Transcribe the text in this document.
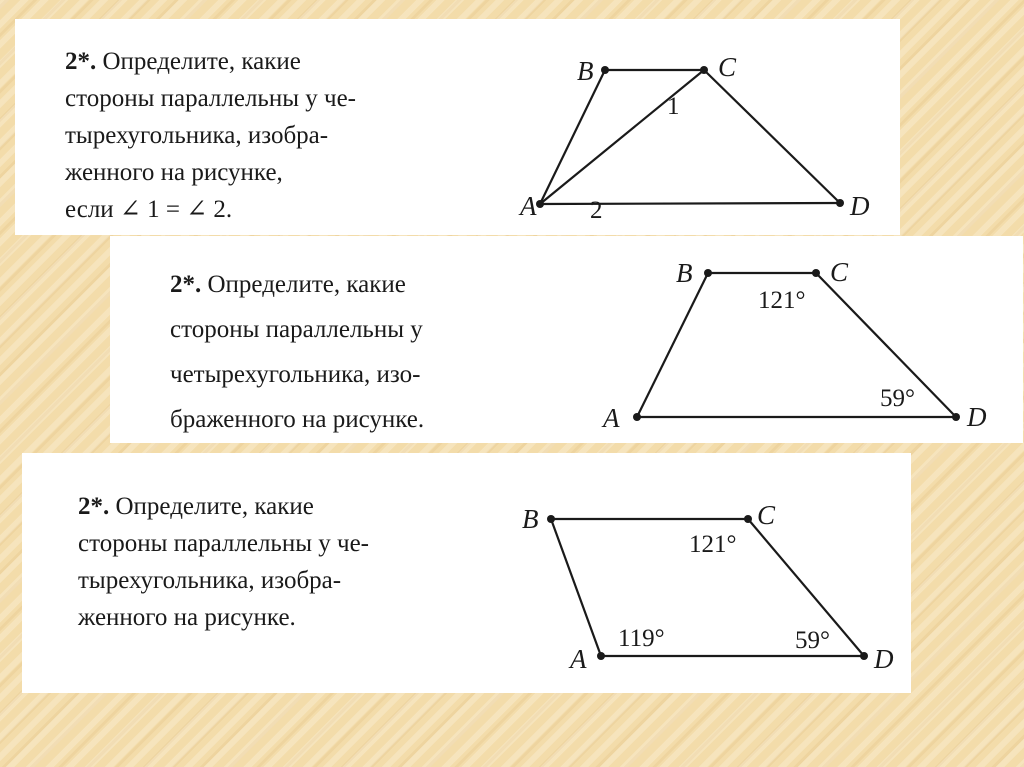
2*. Определите, какие
стороны параллельны у че-
тырехугольника, изобра-
женного на рисунке,
если ∠ 1 = ∠ 2.	A
B	C
D
1
2
2*. Определите, какие
стороны параллельны у
четырехугольника, изо-
браженного на рисунке.	A
B	C
D
121°
59°
2*. Определите, какие
стороны параллельны у че-
тырехугольника, изобра-
женного на рисунке.
B	C
A	D
121°
119°	59°
